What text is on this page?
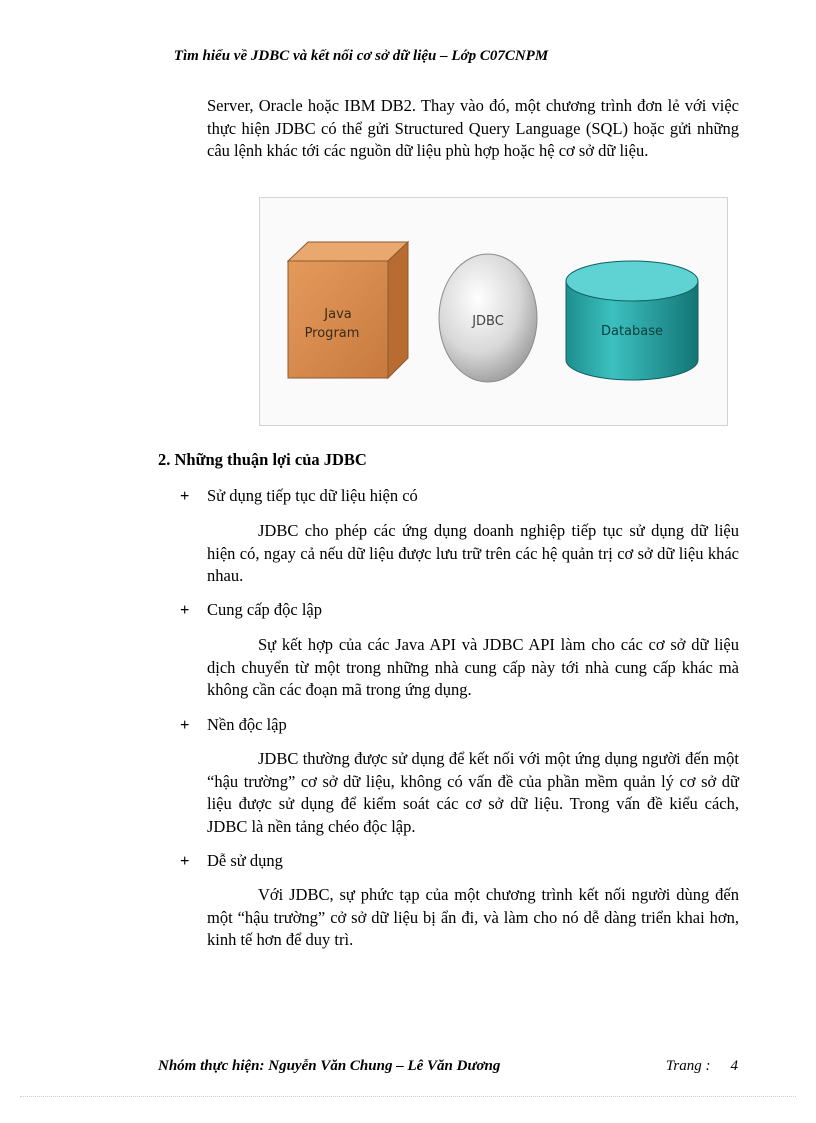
Tìm hiểu về JDBC và kết nối cơ sở dữ liệu – Lớp C07CNPM
Server, Oracle hoặc IBM DB2. Thay vào đó, một chương trình đơn lẻ với việc thực hiện JDBC có thể gửi Structured Query Language (SQL) hoặc gửi những câu lệnh khác tới các nguồn dữ liệu phù hợp hoặc hệ cơ sở dữ liệu.
Java
Program
JDBC
Database
2. Những thuận lợi của JDBC
+ Sử dụng tiếp tục dữ liệu hiện có
JDBC cho phép các ứng dụng doanh nghiệp tiếp tục sử dụng dữ liệu hiện có, ngay cả nếu dữ liệu được lưu trữ trên các hệ quản trị cơ sở dữ liệu khác nhau.
+ Cung cấp độc lập
Sự kết hợp của các Java API và JDBC API làm cho các cơ sở dữ liệu dịch chuyển từ một trong những nhà cung cấp này tới nhà cung cấp khác mà không cần các đoạn mã trong ứng dụng.
+ Nền độc lập
JDBC thường được sử dụng để kết nối với một ứng dụng người đến một “hậu trường” cơ sở dữ liệu, không có vấn đề của phần mềm quản lý cơ sở dữ liệu được sử dụng để kiểm soát các cơ sở dữ liệu. Trong vấn đề kiểu cách, JDBC là nền tảng chéo độc lập.
+ Dễ sử dụng
Với JDBC, sự phức tạp của một chương trình kết nối người dùng đến một “hậu trường” cở sở dữ liệu bị ẩn đi, và làm cho nó dễ dàng triển khai hơn, kinh tế hơn để duy trì.
Nhóm thực hiện: Nguyễn Văn Chung – Lê Văn Dương	Trang : 4
